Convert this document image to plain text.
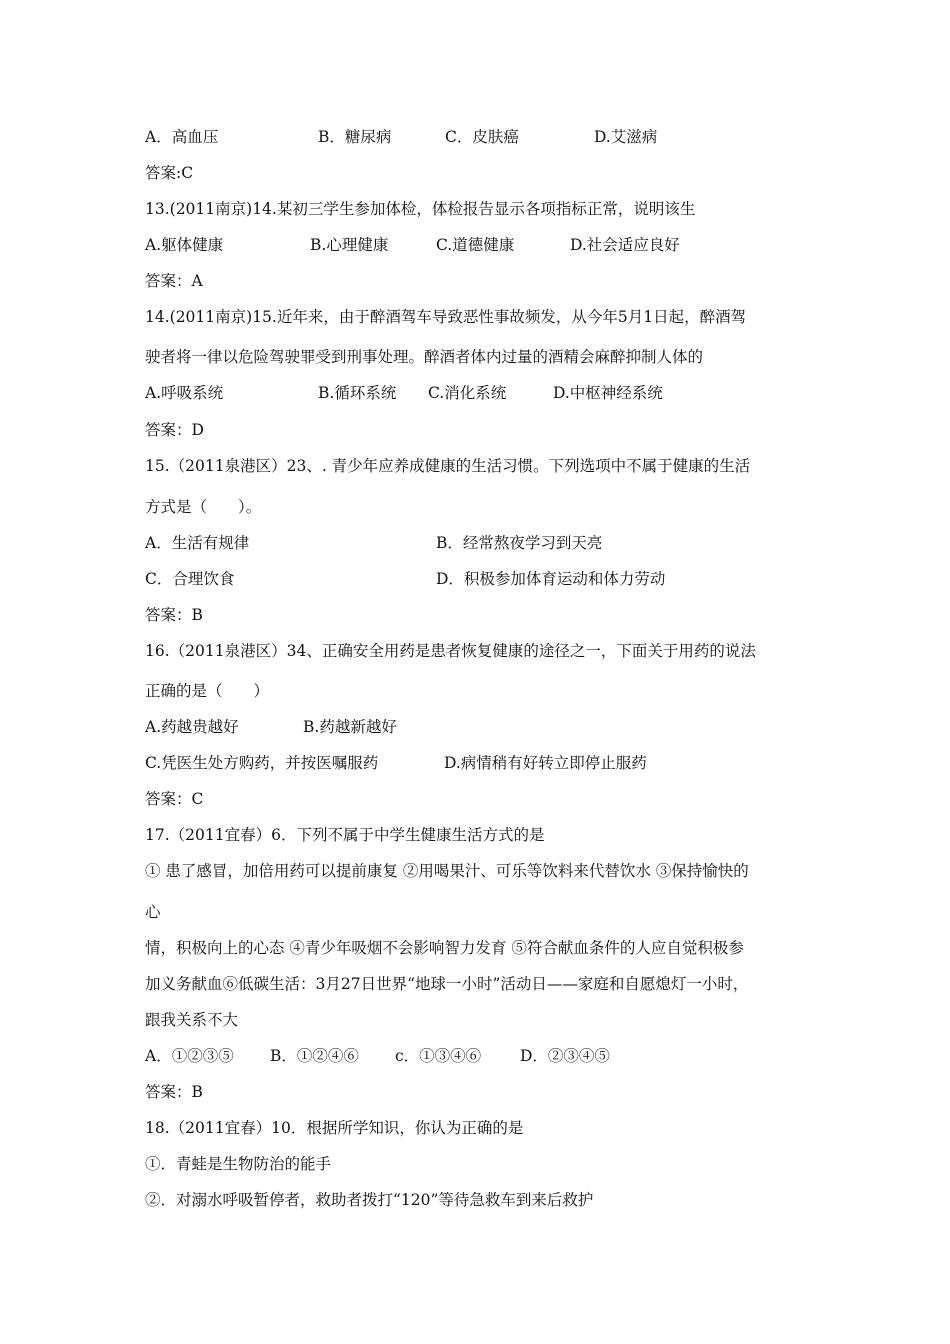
A．高血压	B．糖尿病	C．皮肤癌	D.艾滋病
答案:C
13.(2011南京)14.某初三学生参加体检，体检报告显示各项指标正常，说明该生
A.躯体健康	B.心理健康	C.道德健康	D.社会适应良好
答案：A
14.(2011南京)15.近年来，由于醉酒驾车导致恶性事故频发，从今年5月1日起，醉酒驾
驶者将一律以危险驾驶罪受到刑事处理。醉酒者体内过量的酒精会麻醉抑制人体的
A.呼吸系统	B.循环系统 C.消化系统	D.中枢神经系统
答案：D
15.（2011泉港区）23、. 青少年应养成健康的生活习惯。下列选项中不属于健康的生活
方式是（　　）。
A．生活有规律	B．经常熬夜学习到天亮
C．合理饮食	D．积极参加体育运动和体力劳动
答案：B
16.（2011泉港区）34、正确安全用药是患者恢复健康的途径之一，下面关于用药的说法
正确的是（　　）
A.药越贵越好	B.药越新越好
C.凭医生处方购药，并按医嘱服药	D.病情稍有好转立即停止服药
答案：C
17.（2011宜春）6．下列不属于中学生健康生活方式的是
① 患了感冒，加倍用药可以提前康复 ②用喝果汁、可乐等饮料来代替饮水 ③保持愉快的
心
情，积极向上的心态 ④青少年吸烟不会影响智力发育 ⑤符合献血条件的人应自觉积极参
加义务献血⑥低碳生活：3月27日世界“地球一小时”活动日——家庭和自愿熄灯一小时，
跟我关系不大
A．①②③⑤ B．①②④⑥ c．①③④⑥	D．②③④⑤
答案：B
18.（2011宜春）10．根据所学知识，你认为正确的是
①．青蛙是生物防治的能手
②．对溺水呼吸暂停者，救助者拨打“120”等待急救车到来后救护
